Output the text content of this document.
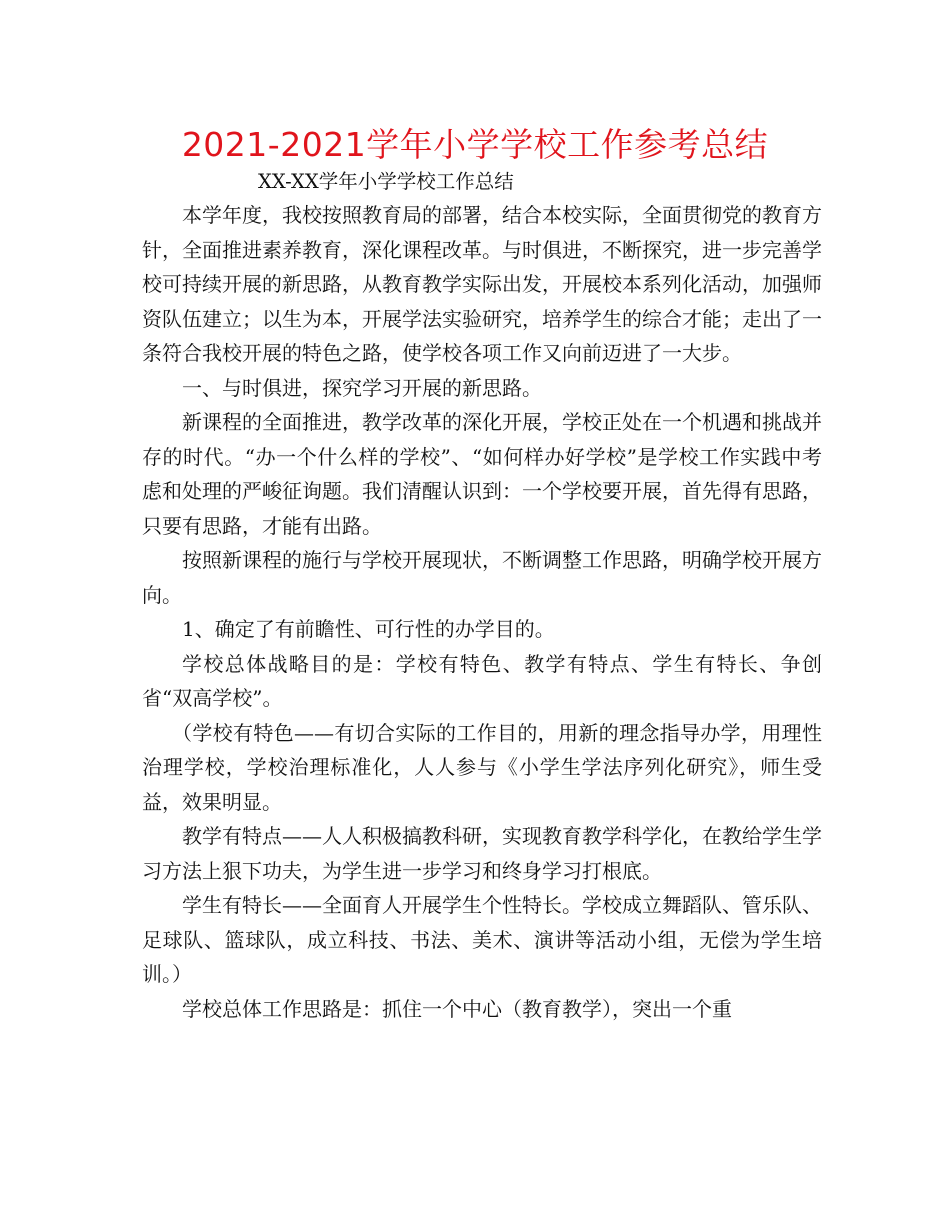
2021-2021学年小学学校工作参考总结
XX-XX学年小学学校工作总结

本学年度，我校按照教育局的部署，结合本校实际，全面贯彻党的教育方针，全面推进素养教育，深化课程改革。与时俱进，不断探究，进一步完善学校可持续开展的新思路，从教育教学实际出发，开展校本系列化活动，加强师资队伍建立；以生为本，开展学法实验研究，培养学生的综合才能；走出了一条符合我校开展的特色之路，使学校各项工作又向前迈进了一大步。

一、与时俱进，探究学习开展的新思路。

新课程的全面推进，教学改革的深化开展，学校正处在一个机遇和挑战并存的时代。“办一个什么样的学校”、“如何样办好学校”是学校工作实践中考虑和处理的严峻征询题。我们清醒认识到：一个学校要开展，首先得有思路，只要有思路，才能有出路。

按照新课程的施行与学校开展现状，不断调整工作思路，明确学校开展方向。

1、确定了有前瞻性、可行性的办学目的。

学校总体战略目的是：学校有特色、教学有特点、学生有特长、争创省“双高学校”。

（学校有特色——有切合实际的工作目的，用新的理念指导办学，用理性治理学校，学校治理标准化，人人参与《小学生学法序列化研究》，师生受益，效果明显。

教学有特点——人人积极搞教科研，实现教育教学科学化，在教给学生学习方法上狠下功夫，为学生进一步学习和终身学习打根底。

学生有特长——全面育人开展学生个性特长。学校成立舞蹈队、管乐队、足球队、篮球队，成立科技、书法、美术、演讲等活动小组，无偿为学生培训。）

学校总体工作思路是：抓住一个中心（教育教学），突出一个重
